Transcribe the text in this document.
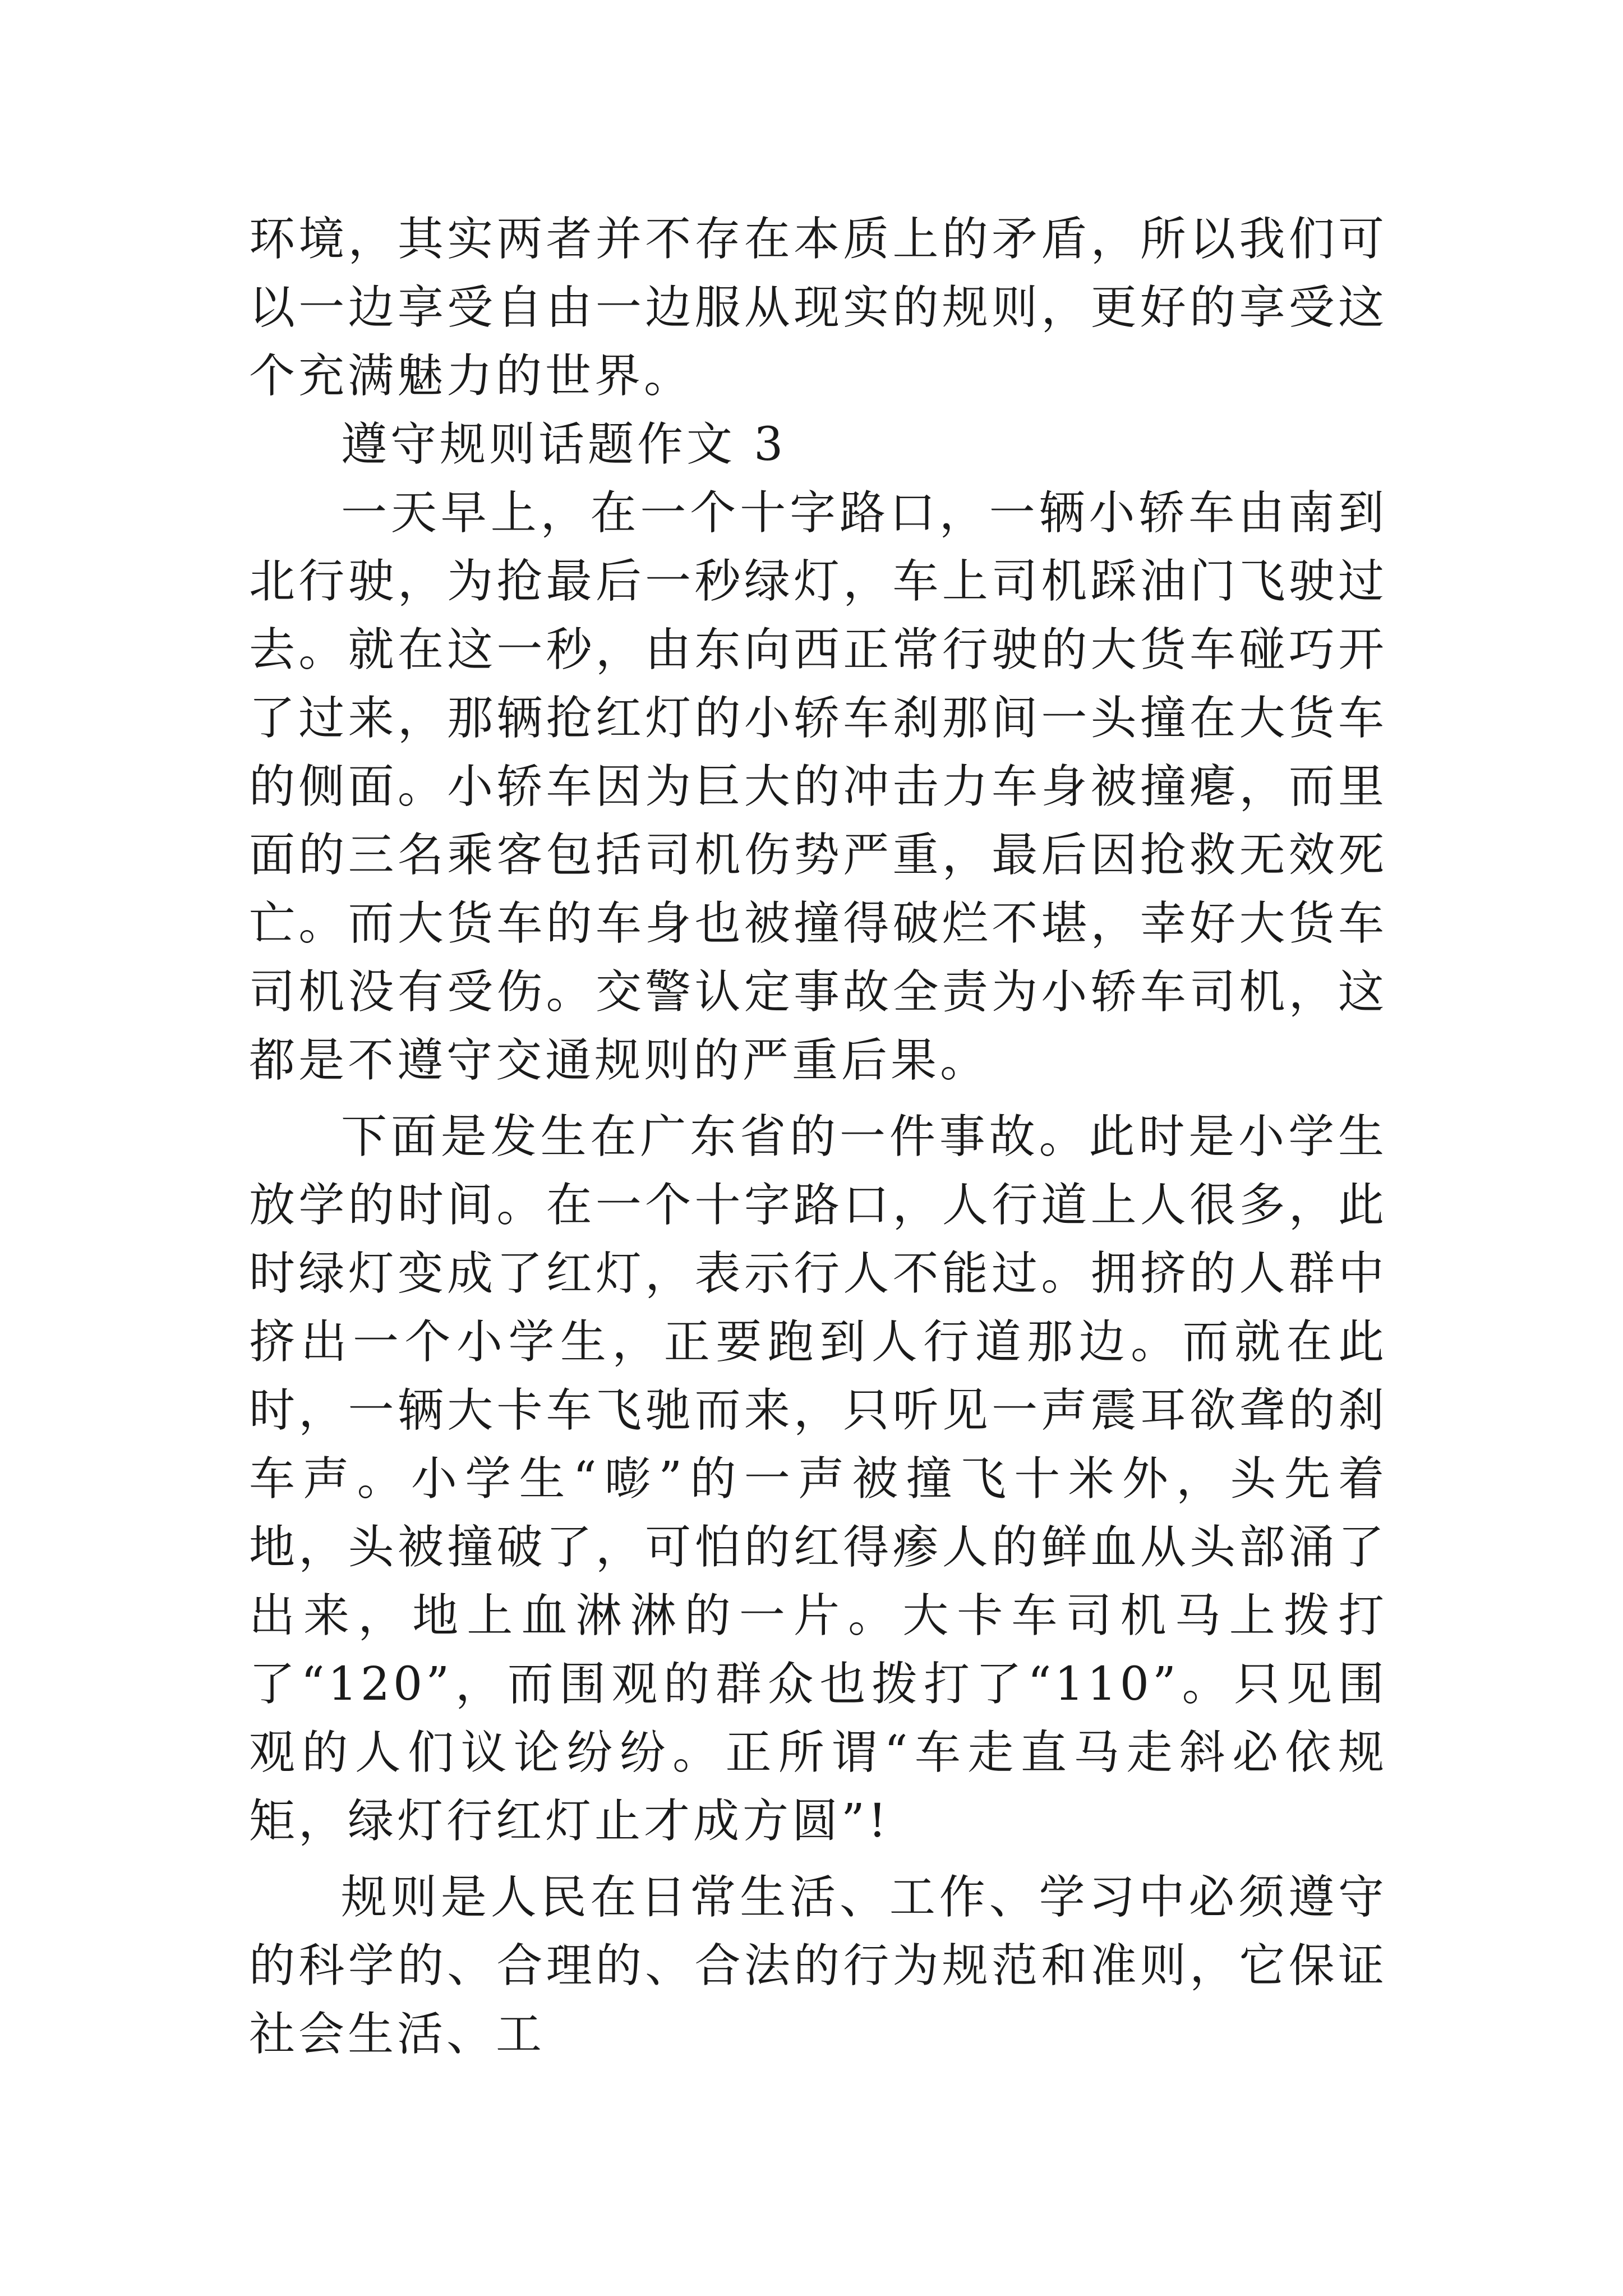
环境，其实两者并不存在本质上的矛盾，所以我们可以一边享受自由一边服从现实的规则，更好的享受这个充满魅力的世界。

遵守规则话题作文 3

一天早上，在一个十字路口，一辆小轿车由南到北行驶，为抢最后一秒绿灯，车上司机踩油门飞驶过去。就在这一秒，由东向西正常行驶的大货车碰巧开了过来，那辆抢红灯的小轿车刹那间一头撞在大货车的侧面。小轿车因为巨大的冲击力车身被撞瘪，而里面的三名乘客包括司机伤势严重，最后因抢救无效死亡。而大货车的车身也被撞得破烂不堪，幸好大货车司机没有受伤。交警认定事故全责为小轿车司机，这都是不遵守交通规则的严重后果。

下面是发生在广东省的一件事故。此时是小学生放学的时间。在一个十字路口，人行道上人很多，此时绿灯变成了红灯，表示行人不能过。拥挤的人群中挤出一个小学生，正要跑到人行道那边。而就在此时，一辆大卡车飞驰而来，只听见一声震耳欲聋的刹车声。小学生“嘭”的一声被撞飞十米外，头先着地，头被撞破了，可怕的红得瘆人的鲜血从头部涌了出来，地上血淋淋的一片。大卡车司机马上拨打了“120”，而围观的群众也拨打了“110”。只见围观的人们议论纷纷。正所谓“车走直马走斜必依规矩，绿灯行红灯止才成方圆”!

规则是人民在日常生活、工作、学习中必须遵守的科学的、合理的、合法的行为规范和准则，它保证社会生活、工
